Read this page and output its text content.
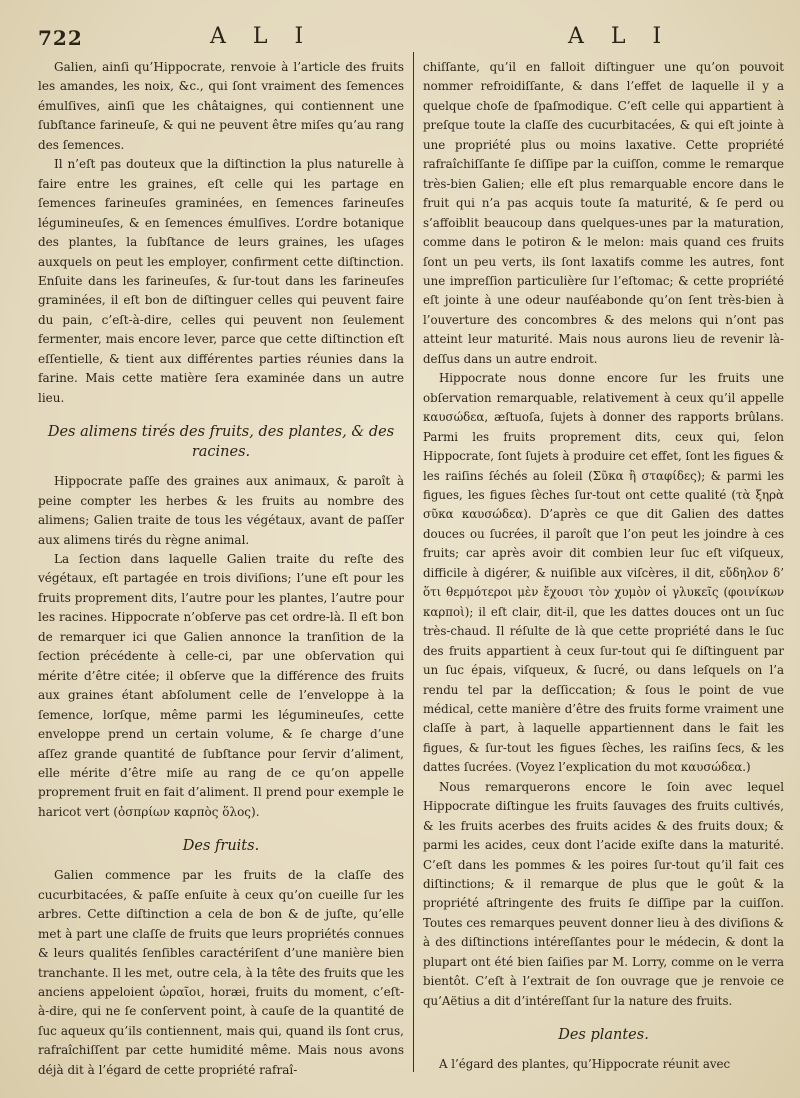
722	A L I	A L I

Galien, ainſi qu’Hippocrate, renvoie à l’article des fruits les amandes, les noix, &c., qui ſont vraiment des ſemences émulſives, ainſi que les châtaignes, qui contiennent une ſubſtance farineuſe, & qui ne peuvent être miſes qu’au rang des ſemences.

Il n’eſt pas douteux que la diſtinction la plus naturelle à faire entre les graines, eſt celle qui les partage en ſemences farineuſes graminées, en ſemences farineuſes légumineuſes, & en ſemences émulſives. L’ordre botanique des plantes, la ſubſtance de leurs graines, les uſages auxquels on peut les employer, confirment cette diſtinction. Enſuite dans les farineuſes, & ſur-tout dans les farineuſes graminées, il eſt bon de diſtinguer celles qui peuvent faire du pain, c’eſt-à-dire, celles qui peuvent non ſeulement fermenter, mais encore lever, parce que cette diſtinction eſt eſſentielle, & tient aux différentes parties réunies dans la farine. Mais cette matière ſera examinée dans un autre lieu.

Des alimens tirés des fruits, des plantes, & des racines.

Hippocrate paſſe des graines aux animaux, & paroît à peine compter les herbes & les fruits au nombre des alimens; Galien traite de tous les végétaux, avant de paſſer aux alimens tirés du règne animal.

La ſection dans laquelle Galien traite du reſte des végétaux, eſt partagée en trois diviſions; l’une eſt pour les fruits proprement dits, l’autre pour les plantes, l’autre pour les racines. Hippocrate n’obſerve pas cet ordre-là. Il eſt bon de remarquer ici que Galien annonce la tranſition de la ſection précédente à celle-ci, par une obſervation qui mérite d’être citée; il obſerve que la différence des fruits aux graines étant abſolument celle de l’enveloppe à la ſemence, lorſque, même parmi les légumineuſes, cette enveloppe prend un certain volume, & ſe charge d’une aſſez grande quantité de ſubſtance pour ſervir d’aliment, elle mérite d’être miſe au rang de ce qu’on appelle proprement fruit en fait d’aliment. Il prend pour exemple le haricot vert (ὀσπρίων καρπὸς ὅλος).

Des fruits.

Galien commence par les fruits de la claſſe des cucurbitacées, & paſſe enſuite à ceux qu’on cueille ſur les arbres. Cette diſtinction a cela de bon & de juſte, qu’elle met à part une claſſe de fruits que leurs propriétés connues & leurs qualités ſenſibles caractériſent d’une manière bien tranchante. Il les met, outre cela, à la tête des fruits que les anciens appeloient ὡραῖοι, horæi, fruits du moment, c’eſt-à-dire, qui ne ſe conſervent point, à cauſe de la quantité de ſuc aqueux qu’ils contiennent, mais qui, quand ils ſont crus, rafraîchiſſent par cette humidité même. Mais nous avons déjà dit à l’égard de cette propriété rafraî-

chiſſante, qu’il en falloit diſtinguer une qu’on pouvoit nommer refroidiſſante, & dans l’effet de laquelle il y a quelque choſe de ſpaſmodique. C’eſt celle qui appartient à preſque toute la claſſe des cucurbitacées, & qui eſt jointe à une propriété plus ou moins laxative. Cette propriété rafraîchiſſante ſe diſſipe par la cuiſſon, comme le remarque très-bien Galien; elle eſt plus remarquable encore dans le fruit qui n’a pas acquis toute ſa maturité, & ſe perd ou s’affoiblit beaucoup dans quelques-unes par la maturation, comme dans le potiron & le melon: mais quand ces fruits ſont un peu verts, ils ſont laxatifs comme les autres, font une impreſſion particulière ſur l’eſtomac; & cette propriété eſt jointe à une odeur nauſéabonde qu’on ſent très-bien à l’ouverture des concombres & des melons qui n’ont pas atteint leur maturité. Mais nous aurons lieu de revenir là-deſſus dans un autre endroit.

Hippocrate nous donne encore ſur les fruits une obſervation remarquable, relativement à ceux qu’il appelle καυσώδεα, æſtuoſa, ſujets à donner des rapports brûlans. Parmi les fruits proprement dits, ceux qui, ſelon Hippocrate, ſont ſujets à produire cet effet, ſont les figues & les raiſins ſéchés au ſoleil (Σῦκα ἢ σταφίδες); & parmi les figues, les figues ſèches ſur-tout ont cette qualité (τὰ ξηρὰ σῦκα καυσώδεα). D’après ce que dit Galien des dattes douces ou ſucrées, il paroît que l’on peut les joindre à ces fruits; car après avoir dit combien leur ſuc eſt viſqueux, difficile à digérer, & nuiſible aux viſcères, il dit, εὔδηλον δ’ ὅτι θερμότεροι μὲν ἔχουσι τὸν χυμὸν οἱ γλυκεῖς (φοινίκων καρποὶ); il eſt clair, dit-il, que les dattes douces ont un ſuc très-chaud. Il réſulte de là que cette propriété dans le ſuc des fruits appartient à ceux ſur-tout qui ſe diſtinguent par un ſuc épais, viſqueux, & ſucré, ou dans leſquels on l’a rendu tel par la deſſiccation; & ſous le point de vue médical, cette manière d’être des fruits forme vraiment une claſſe à part, à laquelle appartiennent dans le fait les figues, & ſur-tout les figues ſèches, les raiſins ſecs, & les dattes ſucrées. (Voyez l’explication du mot καυσώδεα.)

Nous remarquerons encore le ſoin avec lequel Hippocrate diſtingue les fruits ſauvages des fruits cultivés, & les fruits acerbes des fruits acides & des fruits doux; & parmi les acides, ceux dont l’acide exiſte dans la maturité. C’eſt dans les pommes & les poires ſur-tout qu’il fait ces diſtinctions; & il remarque de plus que le goût & la propriété aſtringente des fruits ſe diſſipe par la cuiſſon. Toutes ces remarques peuvent donner lieu à des diviſions & à des diſtinctions intéreſſantes pour le médecin, & dont la plupart ont été bien ſaiſies par M. Lorry, comme on le verra bientôt. C’eſt à l’extrait de ſon ouvrage que je renvoie ce qu’Aëtius a dit d’intéreſſant ſur la nature des fruits.

Des plantes.

A l’égard des plantes, qu’Hippocrate réunit avec
